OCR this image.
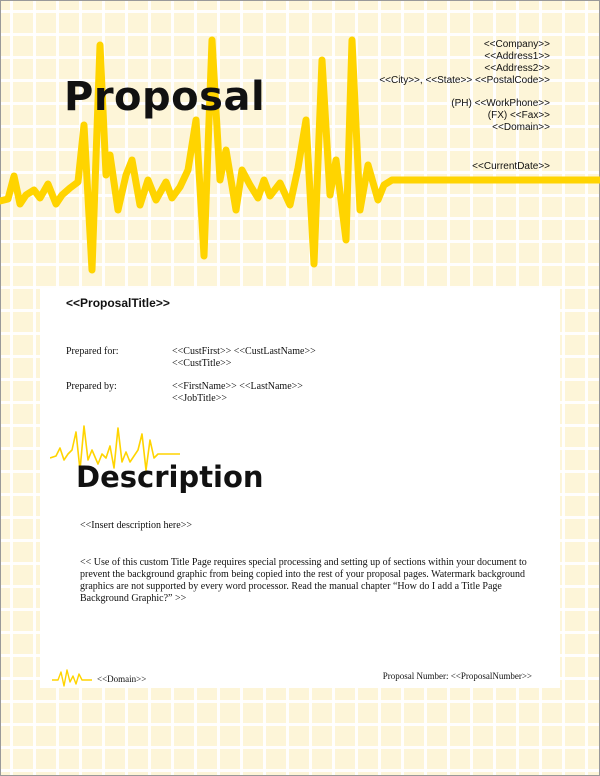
Proposal
<<Company>>
<<Address1>>
<<Address2>>
<<City>>, <<State>> <<PostalCode>>
(PH) <<WorkPhone>>
(FX) <<Fax>>
<<Domain>>
<<CurrentDate>>
<<ProposalTitle>>
Prepared for:	<<CustFirst>> <<CustLastName>>
<<CustTitle>>
Prepared by:	<<FirstName>> <<LastName>>
<<JobTitle>>
Description
<<Insert description here>>
<< Use of this custom Title Page requires special processing and setting up of sections within your document to prevent the background graphic from being copied into the rest of your proposal pages. Watermark background graphics are not supported by every word processor. Read the manual chapter “How do I add a Title Page Background Graphic?” >>
<<Domain>>	Proposal Number: <<ProposalNumber>>
